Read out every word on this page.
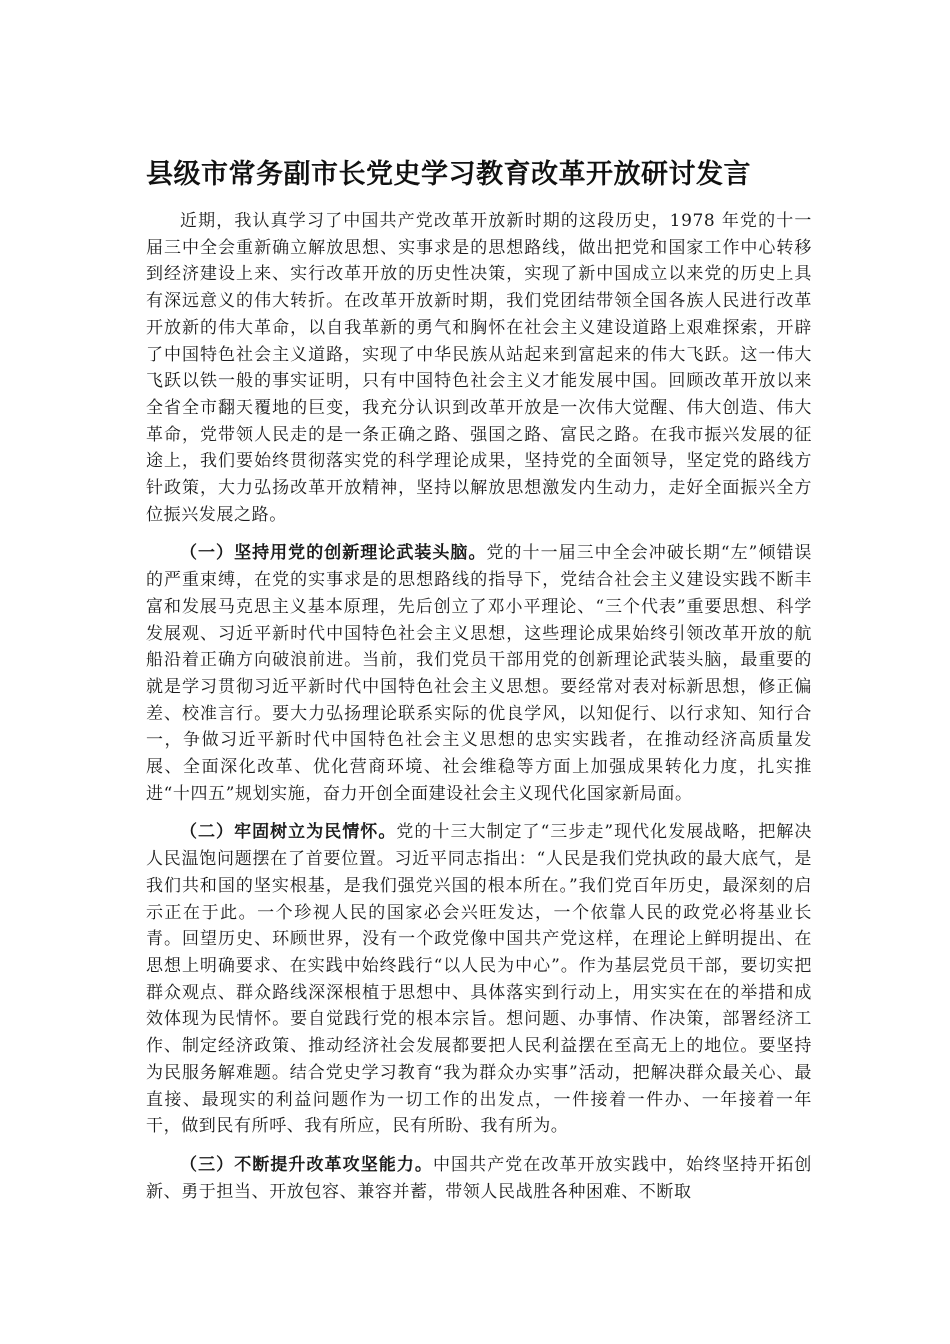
县级市常务副市长党史学习教育改革开放研讨发言

近期，我认真学习了中国共产党改革开放新时期的这段历史，1978 年党的十一届三中全会重新确立解放思想、实事求是的思想路线，做出把党和国家工作中心转移到经济建设上来、实行改革开放的历史性决策，实现了新中国成立以来党的历史上具有深远意义的伟大转折。在改革开放新时期，我们党团结带领全国各族人民进行改革开放新的伟大革命，以自我革新的勇气和胸怀在社会主义建设道路上艰难探索，开辟了中国特色社会主义道路，实现了中华民族从站起来到富起来的伟大飞跃。这一伟大飞跃以铁一般的事实证明，只有中国特色社会主义才能发展中国。回顾改革开放以来全省全市翻天覆地的巨变，我充分认识到改革开放是一次伟大觉醒、伟大创造、伟大革命，党带领人民走的是一条正确之路、强国之路、富民之路。在我市振兴发展的征途上，我们要始终贯彻落实党的科学理论成果，坚持党的全面领导，坚定党的路线方针政策，大力弘扬改革开放精神，坚持以解放思想激发内生动力，走好全面振兴全方位振兴发展之路。

（一）坚持用党的创新理论武装头脑。党的十一届三中全会冲破长期“左”倾错误的严重束缚，在党的实事求是的思想路线的指导下，党结合社会主义建设实践不断丰富和发展马克思主义基本原理，先后创立了邓小平理论、“三个代表”重要思想、科学发展观、习近平新时代中国特色社会主义思想，这些理论成果始终引领改革开放的航船沿着正确方向破浪前进。当前，我们党员干部用党的创新理论武装头脑，最重要的就是学习贯彻习近平新时代中国特色社会主义思想。要经常对表对标新思想，修正偏差、校准言行。要大力弘扬理论联系实际的优良学风，以知促行、以行求知、知行合一，争做习近平新时代中国特色社会主义思想的忠实实践者，在推动经济高质量发展、全面深化改革、优化营商环境、社会维稳等方面上加强成果转化力度，扎实推进“十四五”规划实施，奋力开创全面建设社会主义现代化国家新局面。

（二）牢固树立为民情怀。党的十三大制定了“三步走”现代化发展战略，把解决人民温饱问题摆在了首要位置。习近平同志指出：“人民是我们党执政的最大底气，是我们共和国的坚实根基，是我们强党兴国的根本所在。”我们党百年历史，最深刻的启示正在于此。一个珍视人民的国家必会兴旺发达，一个依靠人民的政党必将基业长青。回望历史、环顾世界，没有一个政党像中国共产党这样，在理论上鲜明提出、在思想上明确要求、在实践中始终践行“以人民为中心”。作为基层党员干部，要切实把群众观点、群众路线深深根植于思想中、具体落实到行动上，用实实在在的举措和成效体现为民情怀。要自觉践行党的根本宗旨。想问题、办事情、作决策，部署经济工作、制定经济政策、推动经济社会发展都要把人民利益摆在至高无上的地位。要坚持为民服务解难题。结合党史学习教育“我为群众办实事”活动，把解决群众最关心、最直接、最现实的利益问题作为一切工作的出发点，一件接着一件办、一年接着一年干，做到民有所呼、我有所应，民有所盼、我有所为。

（三）不断提升改革攻坚能力。中国共产党在改革开放实践中，始终坚持开拓创新、勇于担当、开放包容、兼容并蓄，带领人民战胜各种困难、不断取
